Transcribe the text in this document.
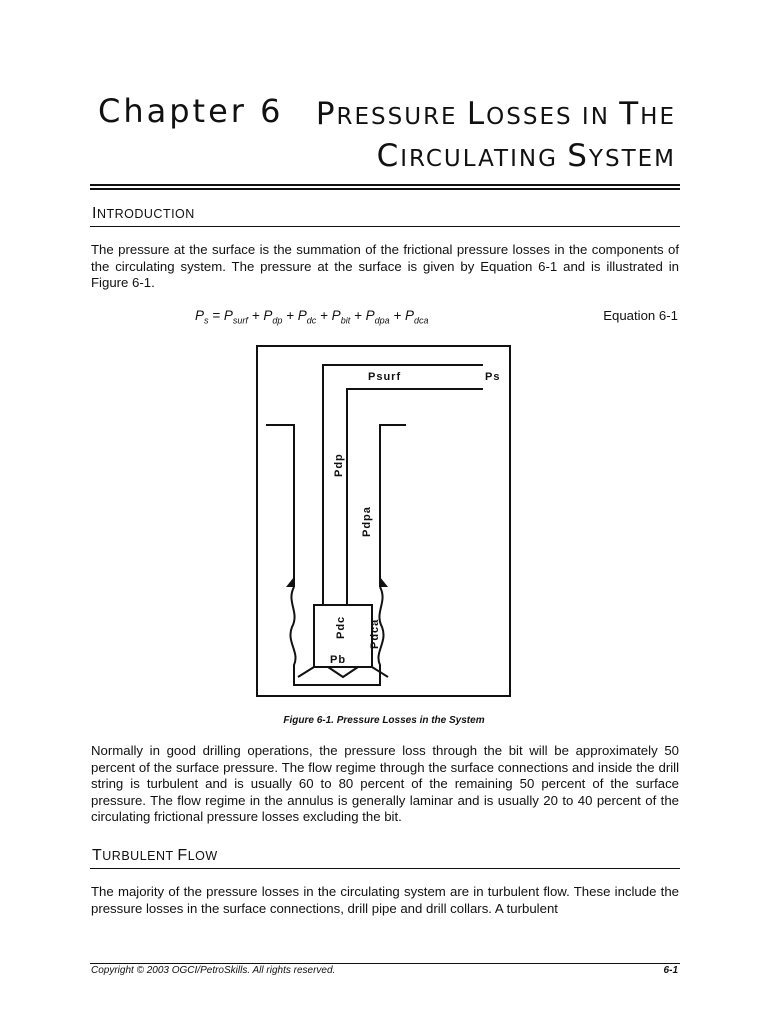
Chapter 6 PRESSURE LOSSES IN THE
CIRCULATING SYSTEM
INTRODUCTION
The pressure at the surface is the summation of the frictional pressure losses in the components of the circulating system. The pressure at the surface is given by Equation 6-1 and is illustrated in Figure 6-1.
$P_s = P_{surf} + P_{dp} + P_{dc} + P_{bit} + P_{dpa} + P_{dca}$	Equation 6-1
Psurf	Ps
Pdp
Pdpa
Pdc Pdca
Pb
Figure 6-1. Pressure Losses in the System
Normally in good drilling operations, the pressure loss through the bit will be approximately 50 percent of the surface pressure. The flow regime through the surface connections and inside the drill string is turbulent and is usually 60 to 80 percent of the remaining 50 percent of the surface pressure. The flow regime in the annulus is generally laminar and is usually 20 to 40 percent of the circulating frictional pressure losses excluding the bit.
TURBULENT FLOW
The majority of the pressure losses in the circulating system are in turbulent flow. These include the pressure losses in the surface connections, drill pipe and drill collars. A turbulent
Copyright © 2003 OGCI/PetroSkills. All rights reserved.	6-1
